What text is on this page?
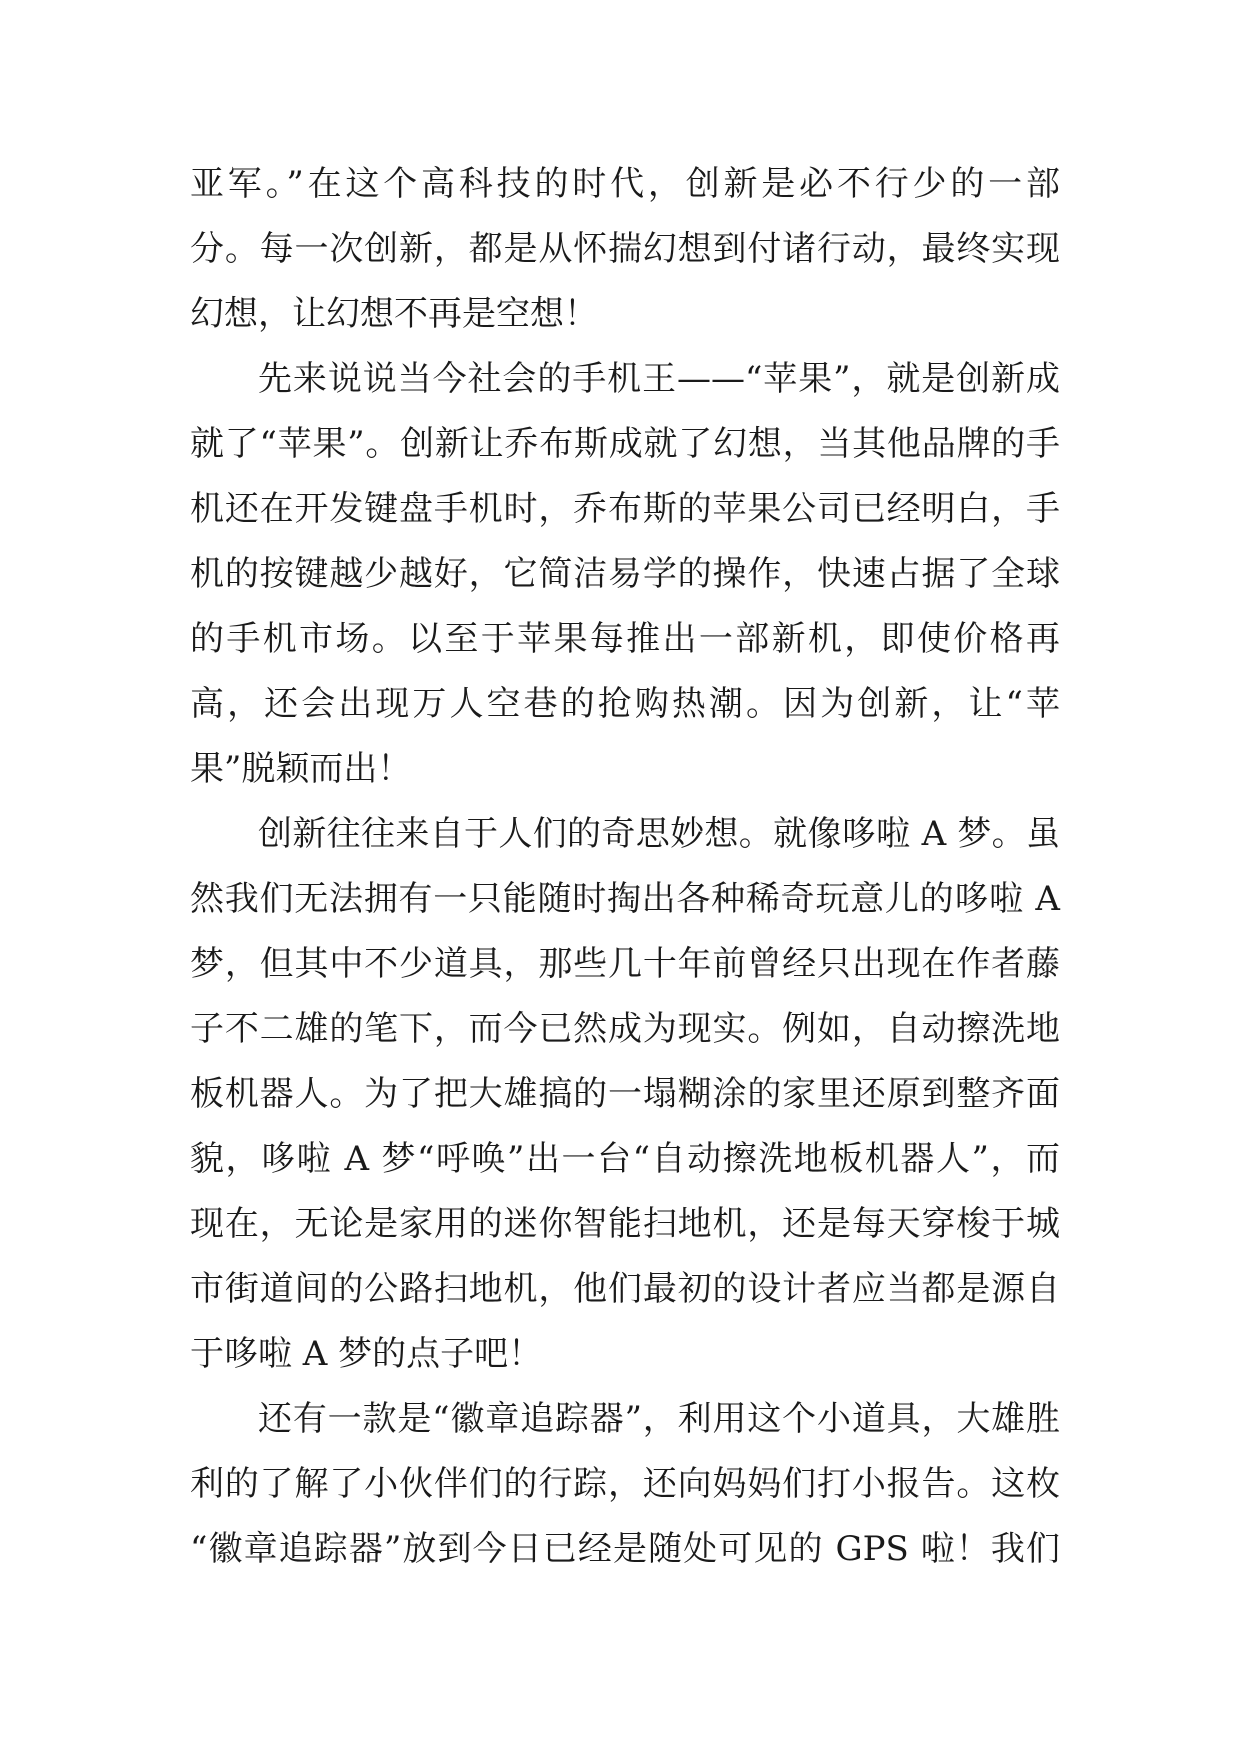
亚军。”在这个高科技的时代，创新是必不行少的一部
分。每一次创新，都是从怀揣幻想到付诸行动，最终实现
幻想，让幻想不再是空想！
先来说说当今社会的手机王——“苹果”，就是创新成
就了“苹果”。创新让乔布斯成就了幻想，当其他品牌的手
机还在开发键盘手机时，乔布斯的苹果公司已经明白，手
机的按键越少越好，它简洁易学的操作，快速占据了全球
的手机市场。以至于苹果每推出一部新机，即使价格再
高，还会出现万人空巷的抢购热潮。因为创新，让“苹
果”脱颖而出！
创新往往来自于人们的奇思妙想。就像哆啦 A 梦。虽
然我们无法拥有一只能随时掏出各种稀奇玩意儿的哆啦 A
梦，但其中不少道具，那些几十年前曾经只出现在作者藤
子不二雄的笔下，而今已然成为现实。例如，自动擦洗地
板机器人。为了把大雄搞的一塌糊涂的家里还原到整齐面
貌，哆啦 A 梦“呼唤”出一台“自动擦洗地板机器人”，而
现在，无论是家用的迷你智能扫地机，还是每天穿梭于城
市街道间的公路扫地机，他们最初的设计者应当都是源自
于哆啦 A 梦的点子吧！
还有一款是“徽章追踪器”，利用这个小道具，大雄胜
利的了解了小伙伴们的行踪，还向妈妈们打小报告。这枚
“徽章追踪器”放到今日已经是随处可见的 GPS 啦！我们
